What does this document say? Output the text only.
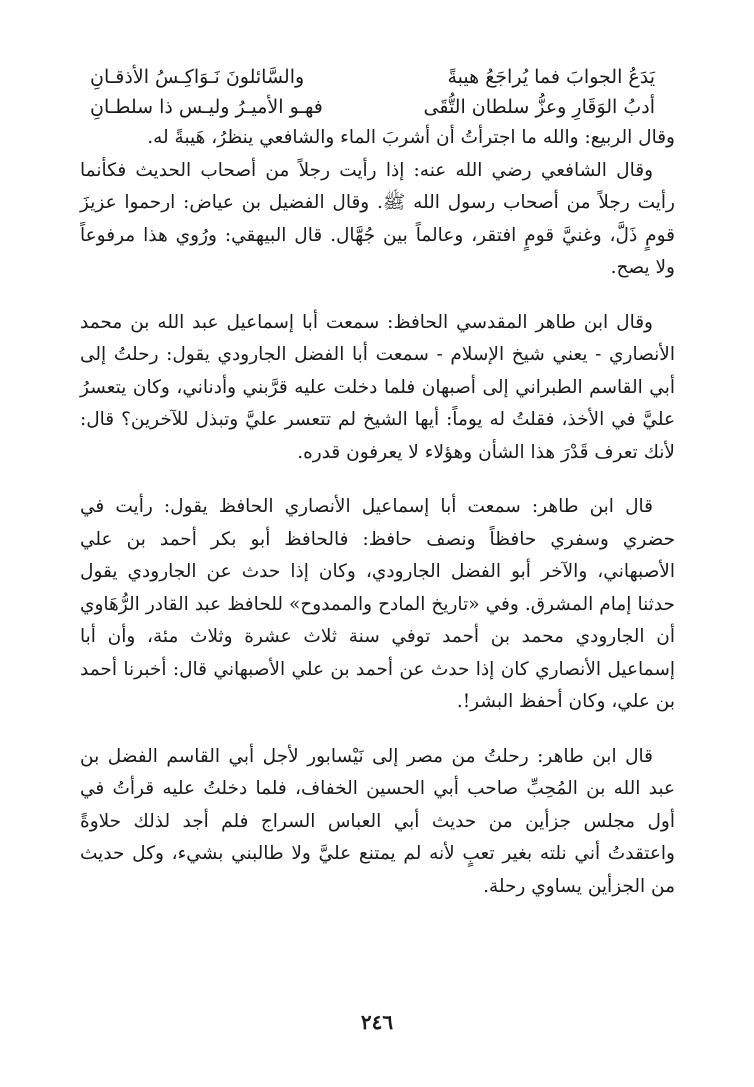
يَدَعُ الجوابَ فما يُراجَعُ هيبةً
والسَّائلونَ نَـوَاكِـسُ الأذقـانِ
أدبُ الوَقَارِ وعزُّ سلطان التُّقَى
فهـو الأميـرُ وليـس ذا سلطـانِ

وقال الربيع: والله ما اجترأتُ أن أشربَ الماء والشافعي ينظرُ، هَيبةً له.

وقال الشافعي رضي الله عنه: إذا رأيت رجلاً من أصحاب الحديث فكأنما رأيت رجلاً من أصحاب رسول الله ﷺ. وقال الفضيل بن عياض: ارحموا عزيزَ قومٍ ذَلَّ، وغنيَّ قومٍ افتقر، وعالماً بين جُهَّال. قال البيهقي: ورُوي هذا مرفوعاً ولا يصح.

وقال ابن طاهر المقدسي الحافظ: سمعت أبا إسماعيل عبد الله بن محمد الأنصاري - يعني شيخ الإسلام - سمعت أبا الفضل الجارودي يقول: رحلتُ إلى أبي القاسم الطبراني إلى أصبهان فلما دخلت عليه قرَّبني وأدناني، وكان يتعسرُ عليَّ في الأخذ، فقلتُ له يوماً: أيها الشيخ لم تتعسر عليَّ وتبذل للآخرين؟ قال: لأنك تعرف قَدْرَ هذا الشأن وهؤلاء لا يعرفون قدره.

قال ابن طاهر: سمعت أبا إسماعيل الأنصاري الحافظ يقول: رأيت في حضري وسفري حافظاً ونصف حافظ: فالحافظ أبو بكر أحمد بن علي الأصبهاني، والآخر أبو الفضل الجارودي، وكان إذا حدث عن الجارودي يقول حدثنا إمام المشرق. وفي «تاريخ المادح والممدوح» للحافظ عبد القادر الرُّهَاوي أن الجارودي محمد بن أحمد توفي سنة ثلاث عشرة وثلاث مئة، وأن أبا إسماعيل الأنصاري كان إذا حدث عن أحمد بن علي الأصبهاني قال: أخبرنا أحمد بن علي، وكان أحفظ البشر!.

قال ابن طاهر: رحلتُ من مصر إلى نَيْسابور لأجل أبي القاسم الفضل بن عبد الله بن المُحِبِّ صاحب أبي الحسين الخفاف، فلما دخلتُ عليه قرأتُ في أول مجلس جزأين من حديث أبي العباس السراج فلم أجد لذلك حلاوةً واعتقدتُ أني نلته بغير تعبٍ لأنه لم يمتنع عليَّ ولا طالبني بشيء، وكل حديث من الجزأين يساوي رحلة.

٢٤٦
